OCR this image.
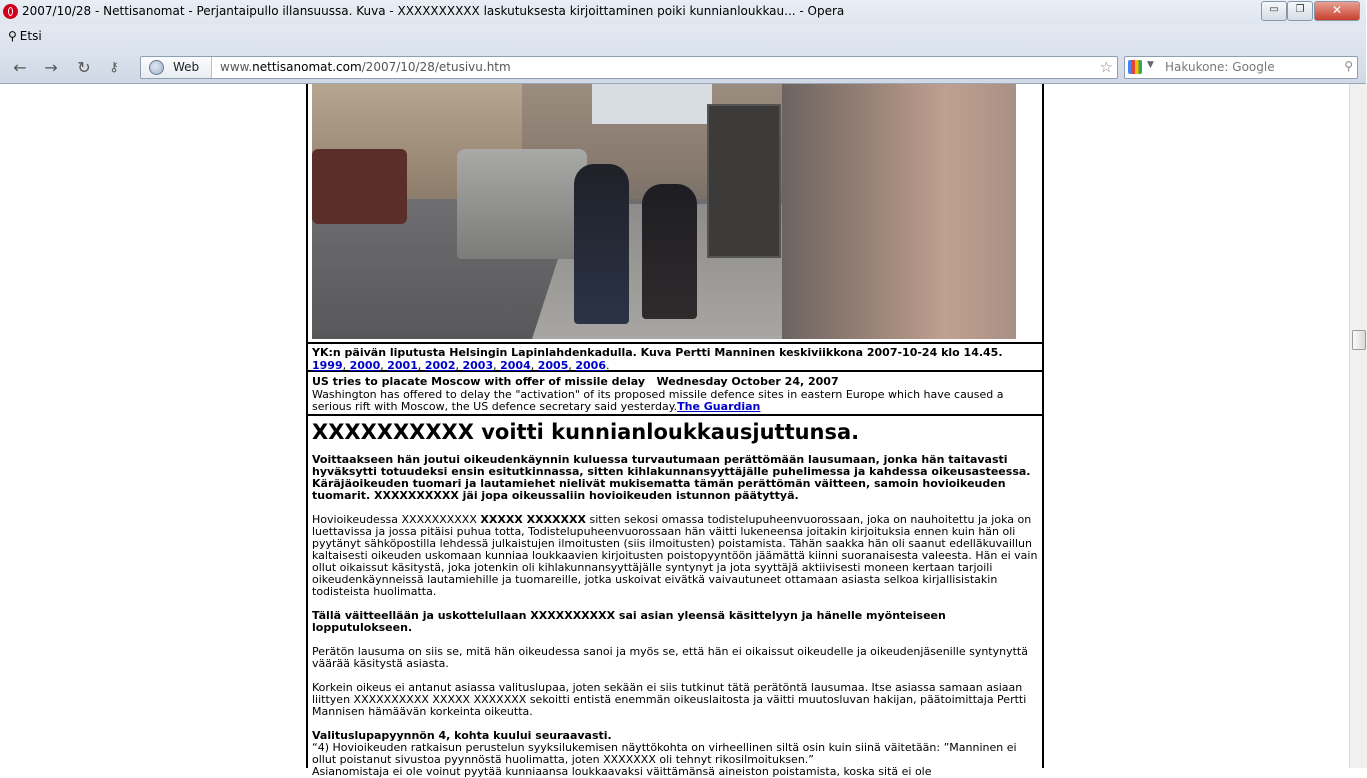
2007/10/28 - Nettisanomat - Perjantaipullo illansuussa. Kuva - XXXXXXXXXX laskutuksesta kirjoittaminen poiki kunnianloukkau... - Opera	▭	❐	✕
⚲ Etsi
← → ↻	⚷	Web www.nettisanomat.com/2007/10/28/etusivu.htm	☆	▼ Hakukone: Google	⚲
YK:n päivän liputusta Helsingin Lapinlahdenkadulla. Kuva Pertti Manninen keskiviikkona 2007-10-24 klo 14.45.
1999, 2000, 2001, 2002, 2003, 2004, 2005, 2006.
US tries to placate Moscow with offer of missile delay Wednesday October 24, 2007
Washington has offered to delay the "activation" of its proposed missile defence sites in eastern Europe which have caused a serious rift with Moscow, the US defence secretary said yesterday.The Guardian
XXXXXXXXXX voitti kunnianloukkausjuttunsa.

Voittaakseen hän joutui oikeudenkäynnin kuluessa turvautumaan perättömään lausumaan, jonka hän taitavasti hyväksytti totuudeksi ensin esitutkinnassa, sitten kihlakunnansyyttäjälle puhelimessa ja kahdessa oikeusasteessa. Käräjäoikeuden tuomari ja lautamiehet nielivät mukisematta tämän perättömän väitteen, samoin hovioikeuden tuomarit. XXXXXXXXXX jäi jopa oikeussaliin hovioikeuden istunnon päätyttyä.

Hovioikeudessa XXXXXXXXXX XXXXX XXXXXXX sitten sekosi omassa todistelupuheenvuorossaan, joka on nauhoitettu ja joka on luettavissa ja jossa pitäisi puhua totta, Todistelupuheenvuorossaan hän väitti lukeneensa joitakin kirjoituksia ennen kuin hän oli pyytänyt sähköpostilla lehdessä julkaistujen ilmoitusten (siis ilmoitusten) poistamista. Tähän saakka hän oli saanut edelläkuvaillun kaltaisesti oikeuden uskomaan kunniaa loukkaavien kirjoitusten poistopyyntöön jäämättä kiinni suoranaisesta valeesta. Hän ei vain ollut oikaissut käsitystä, joka jotenkin oli kihlakunnansyyttäjälle syntynyt ja jota syyttäjä aktiivisesti moneen kertaan tarjoili oikeudenkäynneissä lautamiehille ja tuomareille, jotka uskoivat eivätkä vaivautuneet ottamaan asiasta selkoa kirjallisistakin todisteista huolimatta.

Tällä väitteellään ja uskottelullaan XXXXXXXXXX sai asian yleensä käsittelyyn ja hänelle myönteiseen lopputulokseen.

Perätön lausuma on siis se, mitä hän oikeudessa sanoi ja myös se, että hän ei oikaissut oikeudelle ja oikeudenjäsenille syntynyttä väärää käsitystä asiasta.

Korkein oikeus ei antanut asiassa valituslupaa, joten sekään ei siis tutkinut tätä perätöntä lausumaa. Itse asiassa samaan asiaan liittyen XXXXXXXXXX XXXXX XXXXXXX sekoitti entistä enemmän oikeuslaitosta ja väitti muutosluvan hakijan, päätoimittaja Pertti Mannisen hämäävän korkeinta oikeutta.

Valituslupapyynnön 4, kohta kuului seuraavasti.
“4) Hovioikeuden ratkaisun perustelun syyksilukemisen näyttökohta on virheellinen siltä osin kuin siinä väitetään: ”Manninen ei ollut poistanut sivustoa pyynnöstä huolimatta, joten XXXXXXX oli tehnyt rikosilmoituksen.”
Asianomistaja ei ole voinut pyytää kunniaansa loukkaavaksi väittämänsä aineiston poistamista, koska sitä ei ole
